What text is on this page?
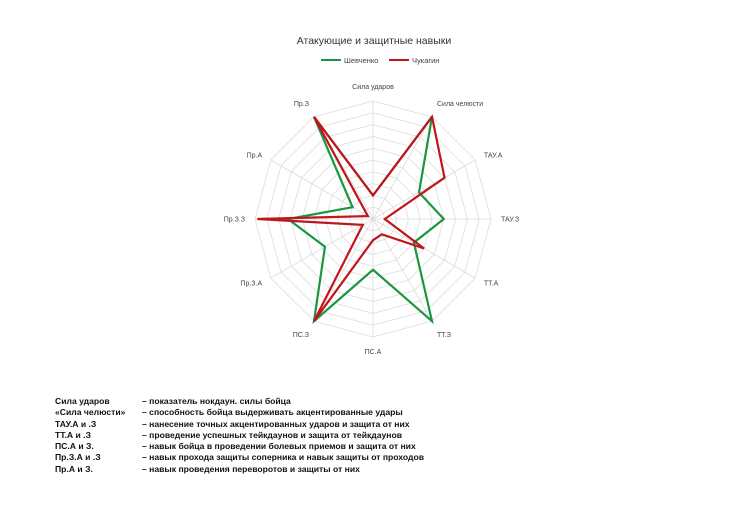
Атакующие и защитные навыки
Шевченко	Чукагин
Сила ударов
Сила челюсти
ТАУ.А
ТАУ.З
ТТ.А
ТТ.З
ПС.А
ПС.З
Пр.З.А
Пр.З.З
Пр.А
Пр.З
Сила ударов	– показатель нокдаун. силы бойца
«Сила челюсти»	– способность бойца выдерживать акцентированные удары
ТАУ.А и .З	– нанесение точных акцентированных ударов и защита от них
ТТ.А и .З	– проведение успешных тейкдаунов и защита от тейкдаунов
ПС.А и З.	– навык бойца в проведении болевых приемов и защита от них
Пр.З.А и .З	– навык прохода защиты соперника и навык защиты от проходов
Пр.А и З.	– навык проведения переворотов и защиты от них
